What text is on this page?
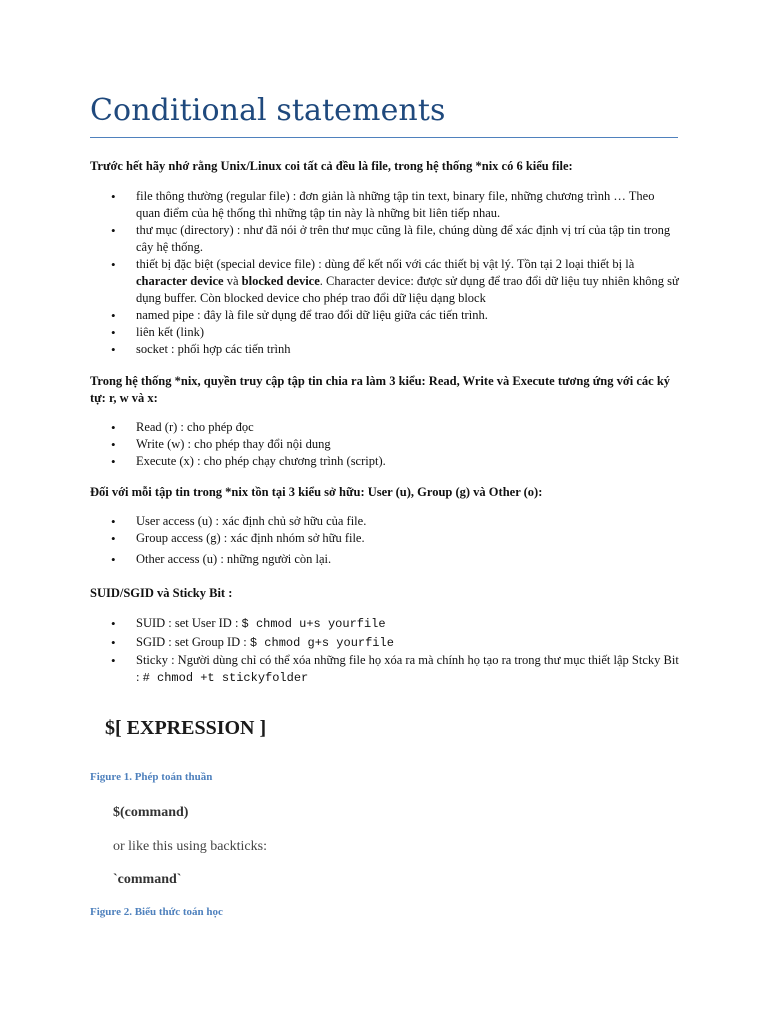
Conditional statements

Trước hết hãy nhớ rằng Unix/Linux coi tất cả đều là file, trong hệ thống *nix có 6 kiểu file:

• file thông thường (regular file) : đơn giản là những tập tin text, binary file, những chương trình … Theo quan điểm của hệ thống thì những tập tin này là những bit liên tiếp nhau.
• thư mục (directory) : như đã nói ở trên thư mục cũng là file, chúng dùng để xác định vị trí của tập tin trong cây hệ thống.
• thiết bị đặc biệt (special device file) : dùng để kết nối với các thiết bị vật lý. Tồn tại 2 loại thiết bị là character device và blocked device. Character device: được sử dụng để trao đổi dữ liệu tuy nhiên không sử dụng buffer. Còn blocked device cho phép trao đổi dữ liệu dạng block
• named pipe : đây là file sử dụng để trao đổi dữ liệu giữa các tiến trình.
• liên kết (link)
• socket : phối hợp các tiến trình

Trong hệ thống *nix, quyền truy cập tập tin chia ra làm 3 kiểu: Read, Write và Execute tương ứng với các ký tự: r, w và x:

• Read (r) : cho phép đọc
• Write (w) : cho phép thay đổi nội dung
• Execute (x) : cho phép chạy chương trình (script).

Đối với mỗi tập tin trong *nix tồn tại 3 kiểu sở hữu: User (u), Group (g) và Other (o):

• User access (u) : xác định chủ sở hữu của file.
• Group access (g) : xác định nhóm sở hữu file.
• Other access (u) : những người còn lại.

SUID/SGID và Sticky Bit :

• SUID : set User ID : $ chmod u+s yourfile
• SGID : set Group ID : $ chmod g+s yourfile
• Sticky : Người dùng chỉ có thể xóa những file họ xóa ra mà chính họ tạo ra trong thư mục thiết lập Stcky Bit : # chmod +t stickyfolder

$[ EXPRESSION ]

Figure 1. Phép toán thuần

$(command)

or like this using backticks:

`command`

Figure 2. Biểu thức toán học
